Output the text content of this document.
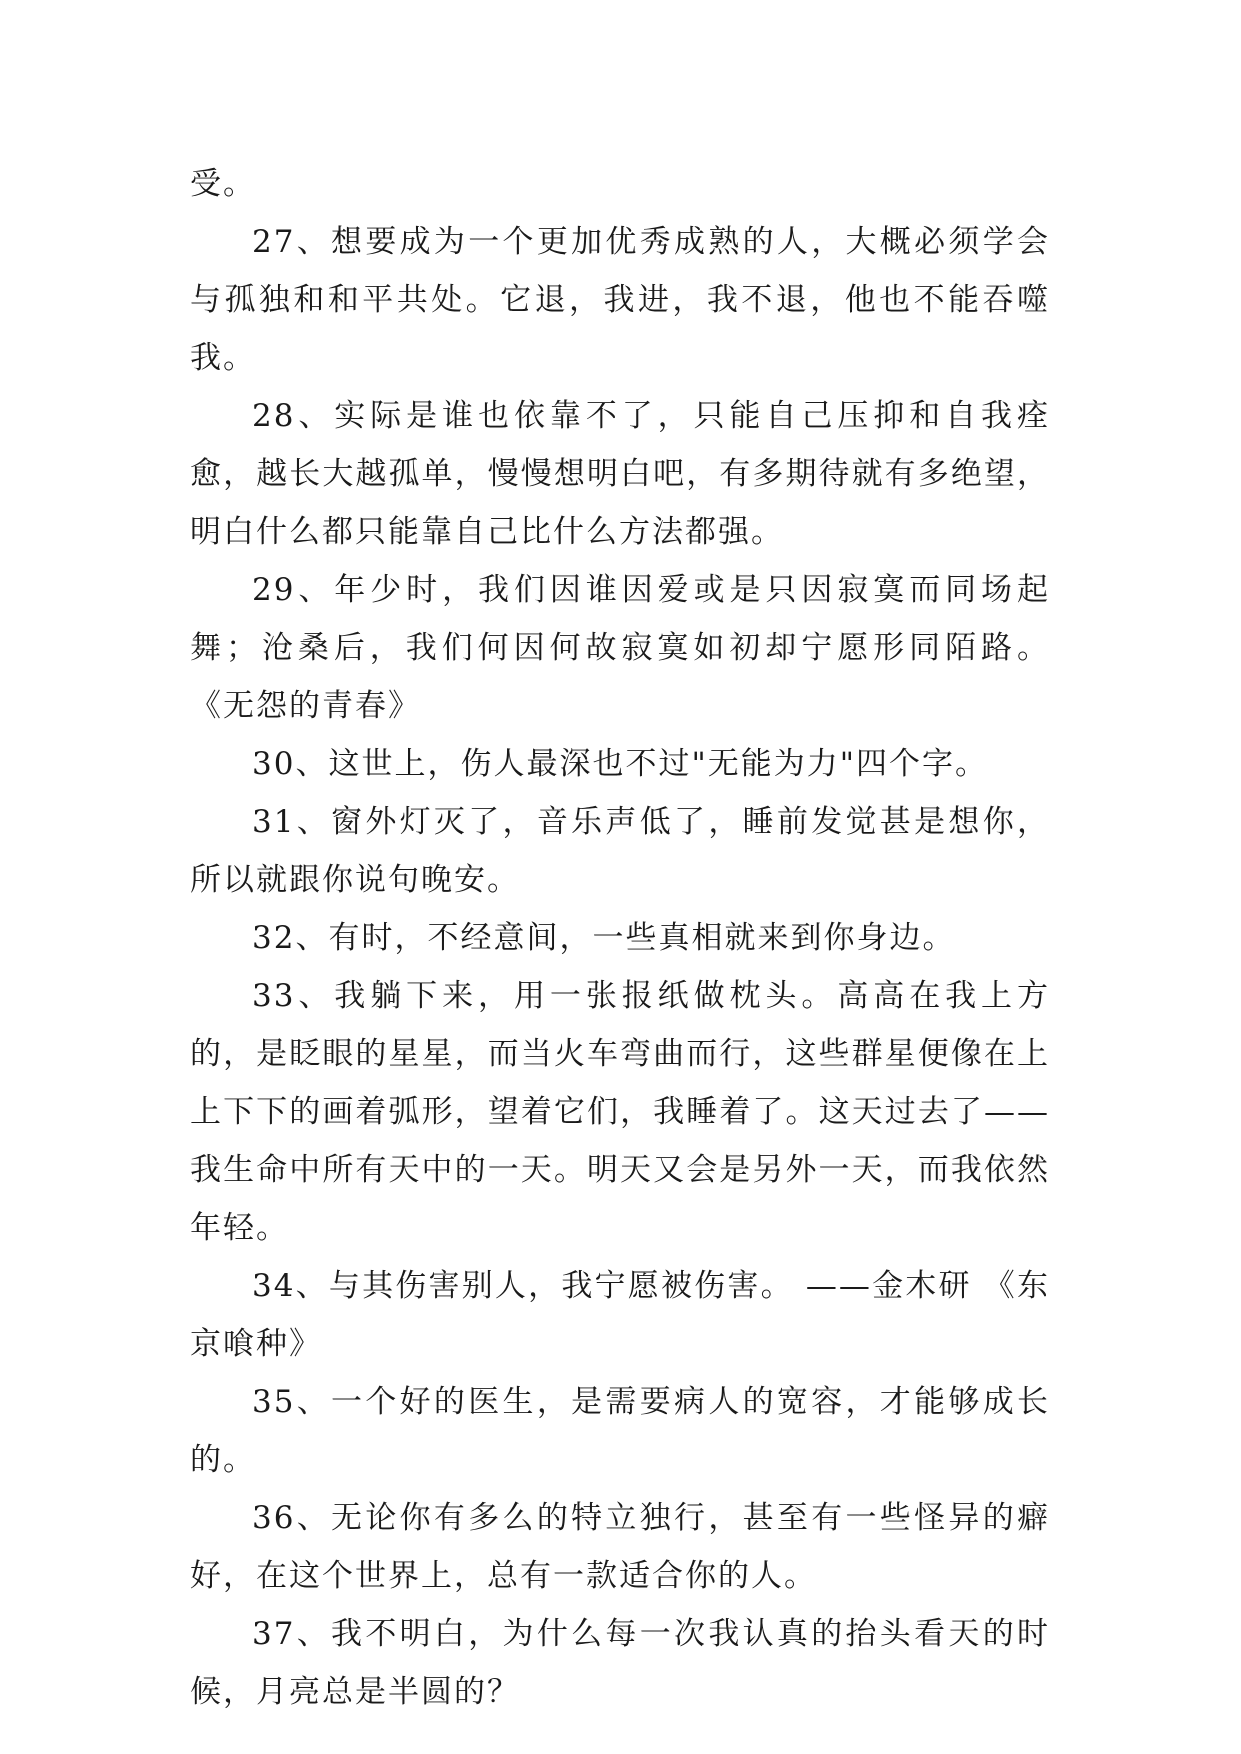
受。

27、想要成为一个更加优秀成熟的人，大概必须学会与孤独和和平共处。它退，我进，我不退，他也不能吞噬我。

28、实际是谁也依靠不了，只能自己压抑和自我痊愈，越长大越孤单，慢慢想明白吧，有多期待就有多绝望，明白什么都只能靠自己比什么方法都强。

29、年少时，我们因谁因爱或是只因寂寞而同场起舞；沧桑后，我们何因何故寂寞如初却宁愿形同陌路。 《无怨的青春》

30、这世上，伤人最深也不过"无能为力"四个字。

31、窗外灯灭了，音乐声低了，睡前发觉甚是想你，所以就跟你说句晚安。

32、有时，不经意间，一些真相就来到你身边。

33、我躺下来，用一张报纸做枕头。高高在我上方的，是眨眼的星星，而当火车弯曲而行，这些群星便像在上上下下的画着弧形，望着它们，我睡着了。这天过去了——我生命中所有天中的一天。明天又会是另外一天，而我依然年轻。

34、与其伤害别人，我宁愿被伤害。 ——金木研 《东京喰种》

35、一个好的医生，是需要病人的宽容，才能够成长的。

36、无论你有多么的特立独行，甚至有一些怪异的癖好，在这个世界上，总有一款适合你的人。

37、我不明白，为什么每一次我认真的抬头看天的时候，月亮总是半圆的？
